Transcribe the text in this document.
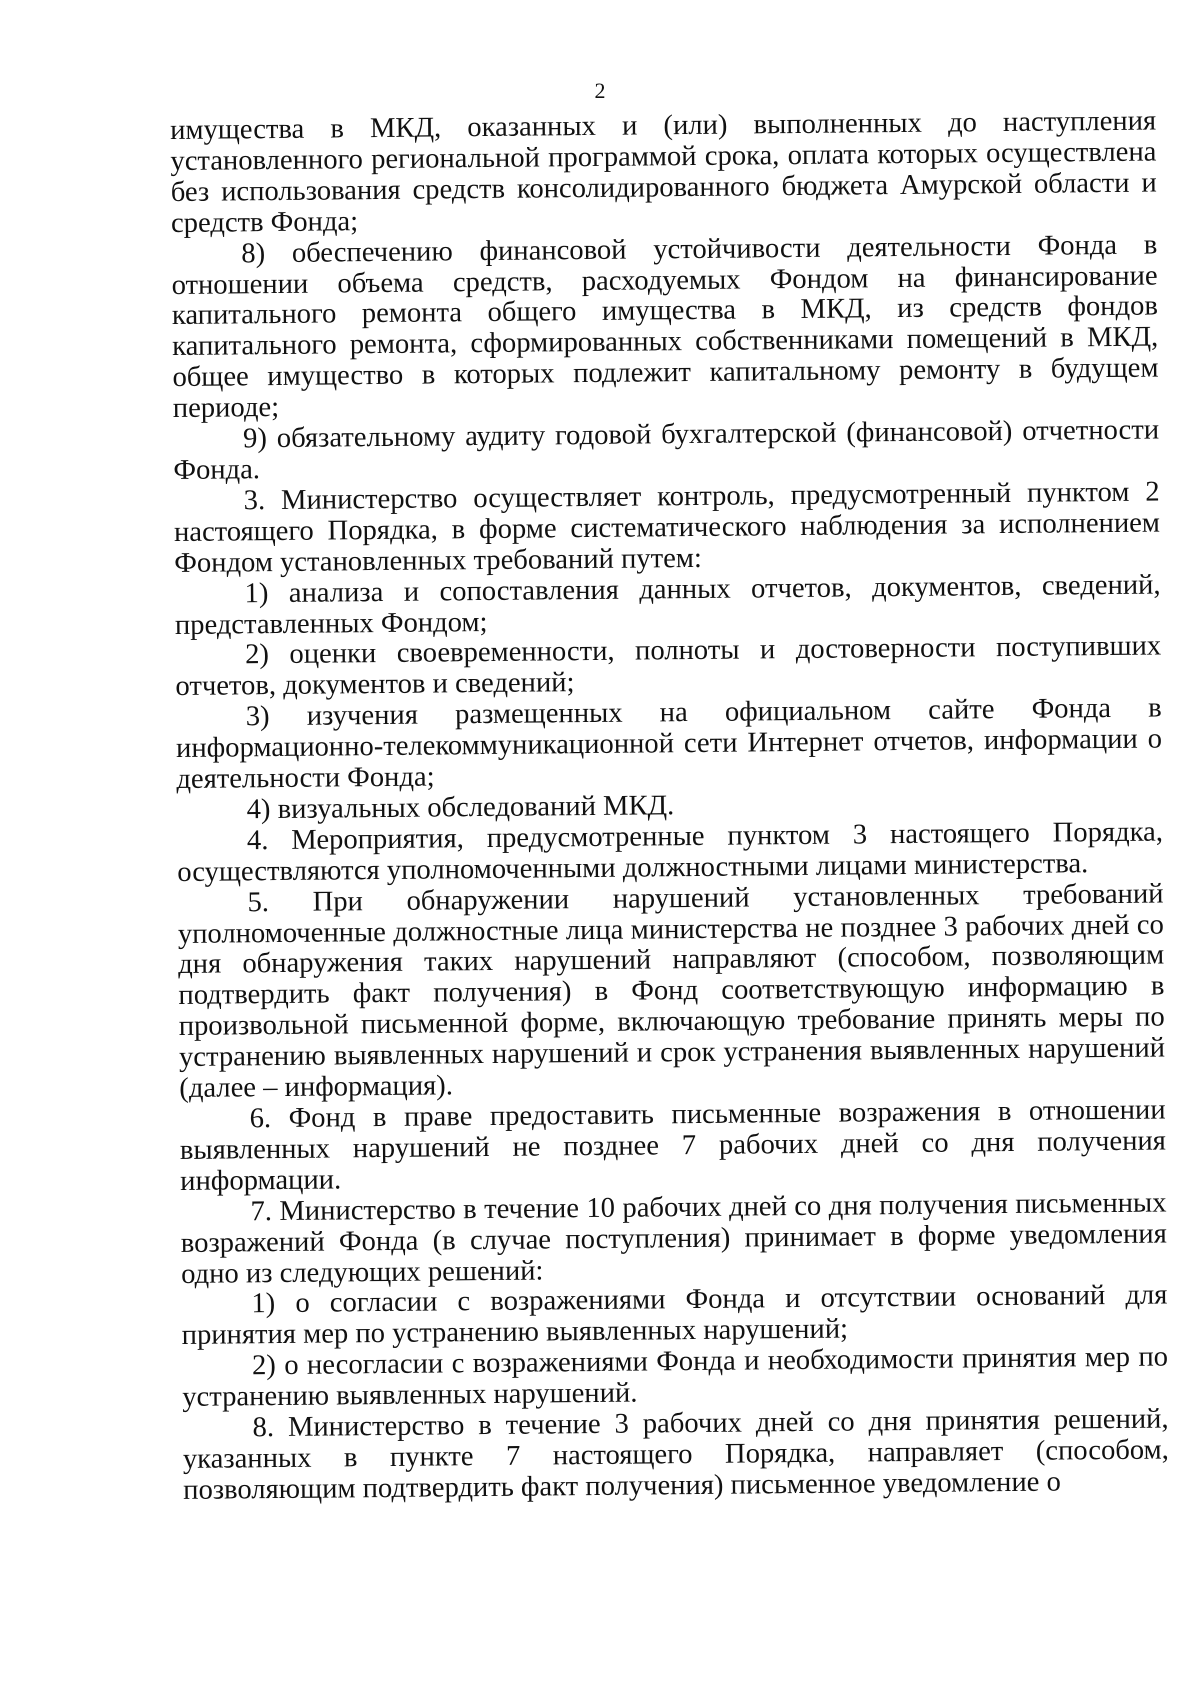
2

имущества в МКД, оказанных и (или) выполненных до наступления установленного региональной программой срока, оплата которых осуществлена без использования средств консолидированного бюджета Амурской области и средств Фонда;

8) обеспечению финансовой устойчивости деятельности Фонда в отношении объема средств, расходуемых Фондом на финансирование капитального ремонта общего имущества в МКД, из средств фондов капитального ремонта, сформированных собственниками помещений в МКД, общее имущество в которых подлежит капитальному ремонту в будущем периоде;

9) обязательному аудиту годовой бухгалтерской (финансовой) отчетности Фонда.

3. Министерство осуществляет контроль, предусмотренный пунктом 2 настоящего Порядка, в форме систематического наблюдения за исполнением Фондом установленных требований путем:

1) анализа и сопоставления данных отчетов, документов, сведений, представленных Фондом;

2) оценки своевременности, полноты и достоверности поступивших отчетов, документов и сведений;

3) изучения размещенных на официальном сайте Фонда в информационно-телекоммуникационной сети Интернет отчетов, информации о деятельности Фонда;

4) визуальных обследований МКД.

4. Мероприятия, предусмотренные пунктом 3 настоящего Порядка, осуществляются уполномоченными должностными лицами министерства.

5. При обнаружении нарушений установленных требований уполномоченные должностные лица министерства не позднее 3 рабочих дней со дня обнаружения таких нарушений направляют (способом, позволяющим подтвердить факт получения) в Фонд соответствующую информацию в произвольной письменной форме, включающую требование принять меры по устранению выявленных нарушений и срок устранения выявленных нарушений (далее – информация).

6. Фонд в праве предоставить письменные возражения в отношении выявленных нарушений не позднее 7 рабочих дней со дня получения информации.

7. Министерство в течение 10 рабочих дней со дня получения письменных возражений Фонда (в случае поступления) принимает в форме уведомления одно из следующих решений:

1) о согласии с возражениями Фонда и отсутствии оснований для принятия мер по устранению выявленных нарушений;

2) о несогласии с возражениями Фонда и необходимости принятия мер по устранению выявленных нарушений.

8. Министерство в течение 3 рабочих дней со дня принятия решений, указанных в пункте 7 настоящего Порядка, направляет (способом, позволяющим подтвердить факт получения) письменное уведомление о
